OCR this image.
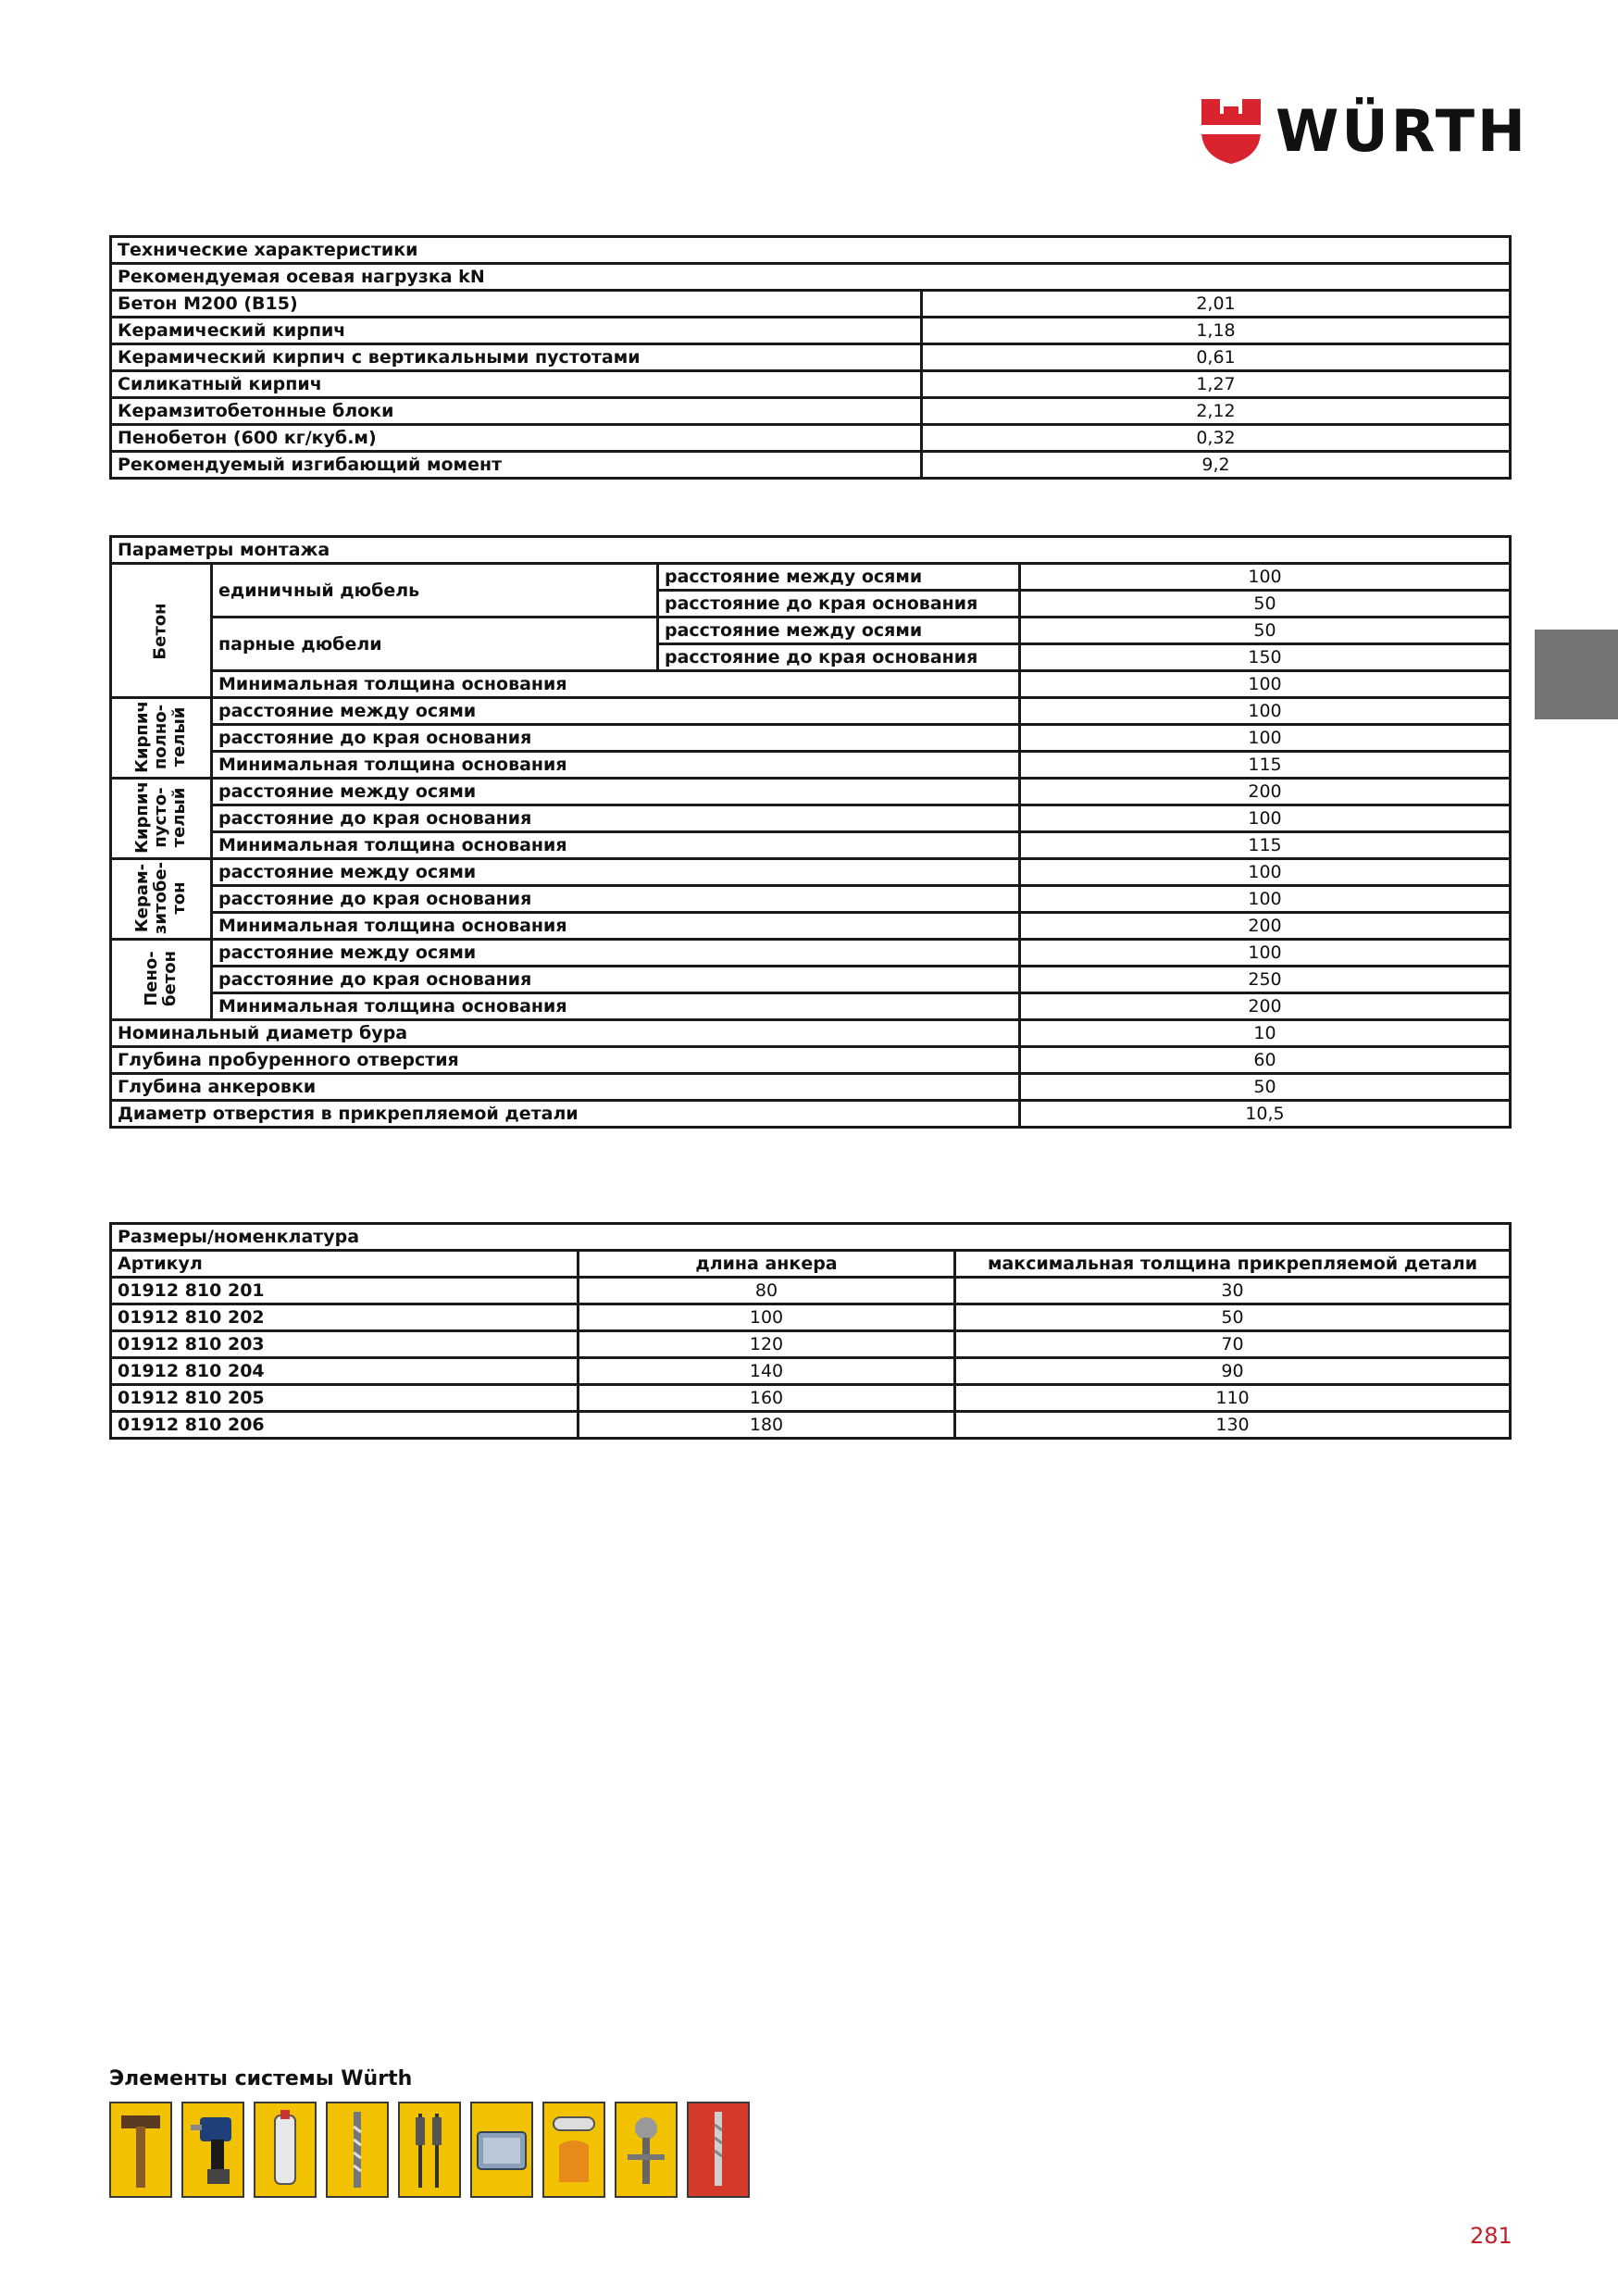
WÜRTH
Технические характеристики	
Рекомендуемая осевая нагрузка kN	
Бетон М200 (В15)	2,01
Керамический кирпич	1,18
Керамический кирпич с вертикальными пустотами	0,61
Силикатный кирпич	1,27
Керамзитобетонные блоки	2,12
Пенобетон (600 кг/куб.м)	0,32
Рекомендуемый изгибающий момент	9,2
Параметры монтажа			
Бетон	единичный дюбель	расстояние между осями	100
		расстояние до края основания	50
	парные дюбели	расстояние между осями	50
		расстояние до края основания	150
	Минимальная толщина основания		100
Кирпич
полно-
телый	расстояние между осями		100
	расстояние до края основания		100
	Минимальная толщина основания		115
Кирпич
пусто-
телый	расстояние между осями		200
	расстояние до края основания		100
	Минимальная толщина основания		115
Керам-
зитобе-
тон	расстояние между осями		100
	расстояние до края основания		100
	Минимальная толщина основания		200
Пено-
бетон	расстояние между осями		100
	расстояние до края основания		250
	Минимальная толщина основания		200
Номинальный диаметр бура			10
Глубина пробуренного отверстия			60
Глубина анкеровки			50
Диаметр отверстия в прикрепляемой детали			10,5
Размеры/номенклатура		
Артикул	длина анкера	максимальная толщина прикрепляемой детали
01912 810 201	80	30
01912 810 202	100	50
01912 810 203	120	70
01912 810 204	140	90
01912 810 205	160	110
01912 810 206	180	130
Элементы системы Würth
281
